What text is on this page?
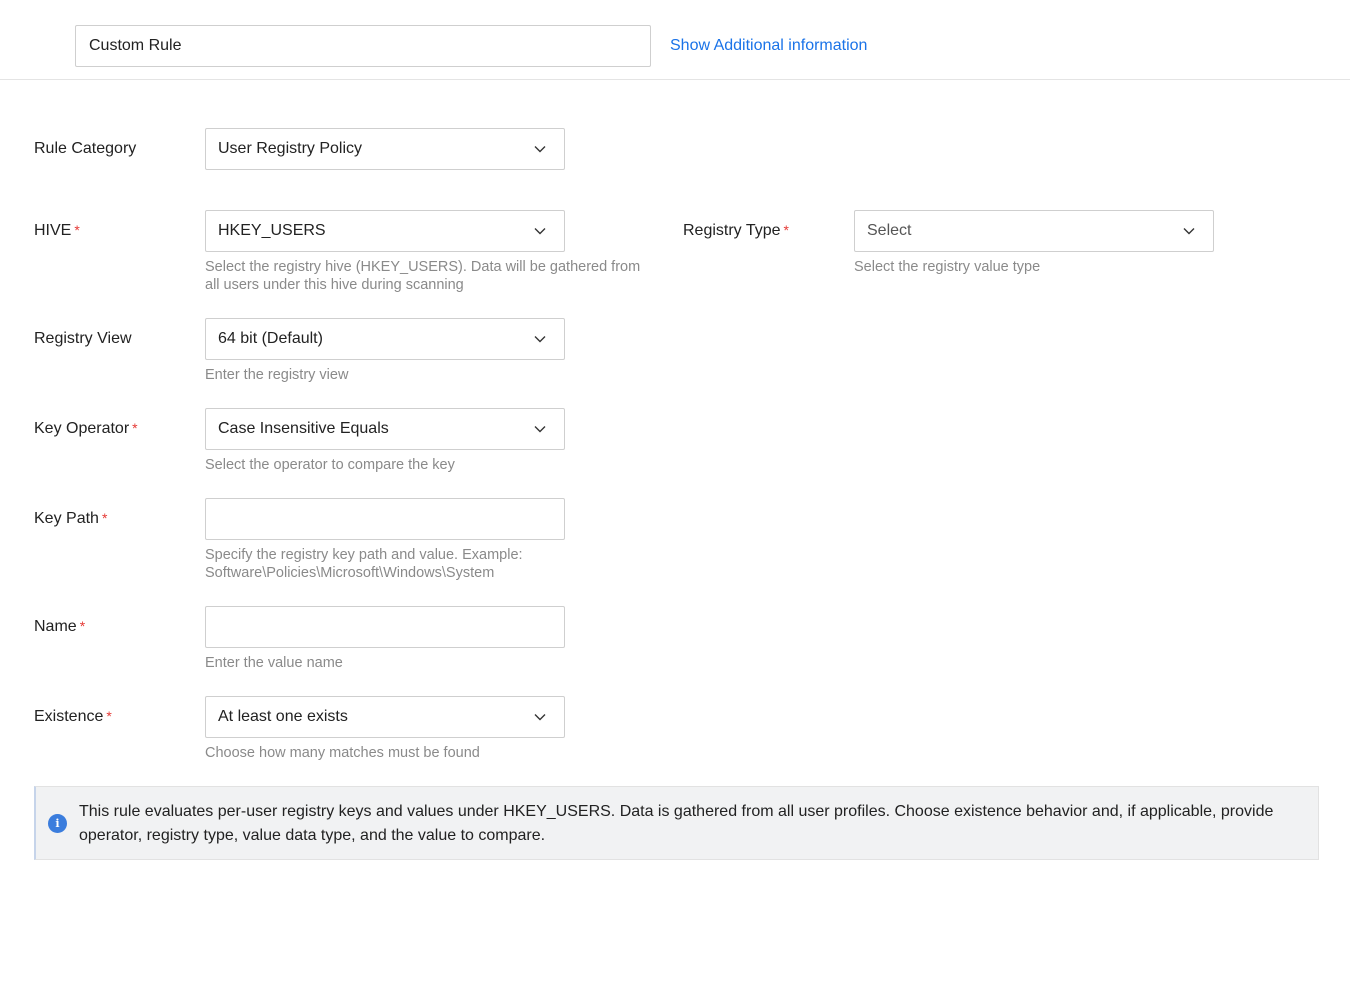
Custom Rule
Show Additional information
Rule Category	User Registry Policy
HIVE *	HKEY_USERS
Select the registry hive (HKEY_USERS). Data will be gathered from
all users under this hive during scanning
Registry Type *	Select
Select the registry value type
Registry View	64 bit (Default)
Enter the registry view
Key Operator *	Case Insensitive Equals
Select the operator to compare the key
Key Path *
Specify the registry key path and value. Example:
Software\Policies\Microsoft\Windows\System
Name *
Enter the value name
Existence *	At least one exists
Choose how many matches must be found
i
This rule evaluates per-user registry keys and values under HKEY_USERS. Data is gathered from all user profiles. Choose existence behavior and, if applicable, provide operator, registry type, value data type, and the value to compare.
